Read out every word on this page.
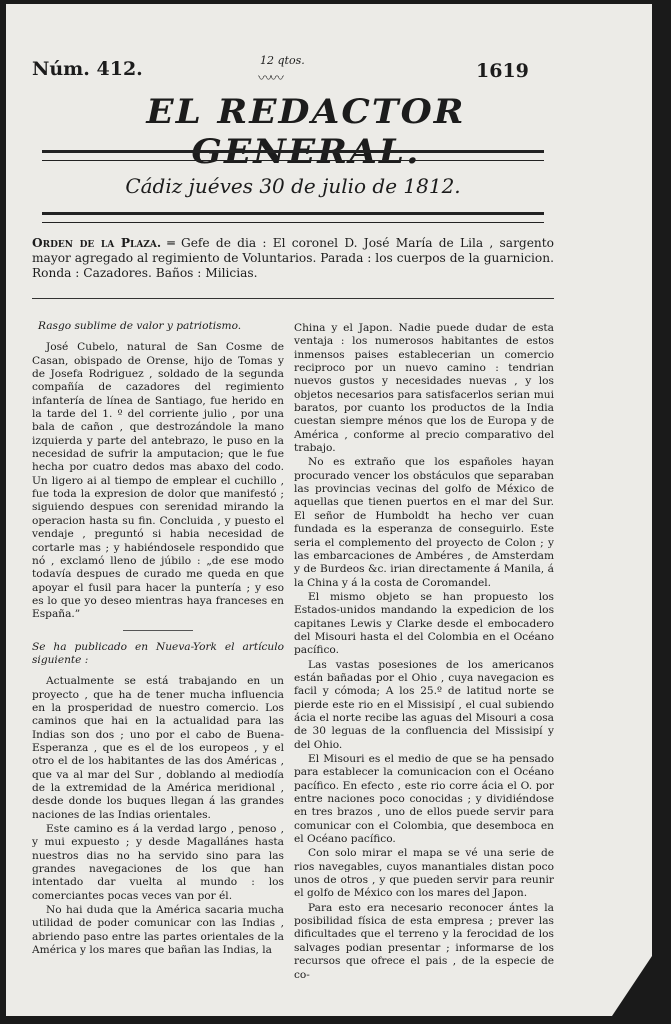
Núm. 412.	12 qtos.
〰〰	1619
EL REDACTOR GENERAL.
Cádiz juéves 30 de julio de 1812.
Orden de la Plaza. ═ Gefe de dia : El coronel D. José María de Lila , sargento mayor agregado al regimiento de Voluntarios. Parada : los cuerpos de la guarnicion. Ronda : Cazadores. Baños : Milicias.

Rasgo sublime de valor y patriotismo.

José Cubelo, natural de San Cosme de Casan, obispado de Orense, hijo de Tomas y de Josefa Rodriguez , soldado de la segunda compañía de cazadores del regimiento infantería de línea de Santiago, fue herido en la tarde del 1. º del corriente julio , por una bala de cañon , que destrozándole la mano izquierda y parte del antebrazo, le puso en la necesidad de sufrir la amputacion; que le fue hecha por cuatro dedos mas abaxo del codo. Un ligero ai al tiempo de emplear el cuchillo , fue toda la expresion de dolor que manifestó ; siguiendo despues con serenidad mirando la operacion hasta su fin. Concluida , y puesto el vendaje , preguntó si habia necesidad de cortarle mas ; y habiéndosele respondido que nó , exclamó lleno de júbilo : „de ese modo todavía despues de curado me queda en que apoyar el fusil para hacer la puntería ; y eso es lo que yo deseo mientras haya franceses en España.”

Se ha publicado en Nueva-York el artículo siguiente :

Actualmente se está trabajando en un proyecto , que ha de tener mucha influencia en la prosperidad de nuestro comercio. Los caminos que hai en la actualidad para las Indias son dos ; uno por el cabo de Buena-Esperanza , que es el de los europeos , y el otro el de los habitantes de las dos Américas , que va al mar del Sur , doblando al mediodía de la extremidad de la América meridional , desde donde los buques llegan á las grandes naciones de las Indias orientales.

Este camino es á la verdad largo , penoso , y mui expuesto ; y desde Magallánes hasta nuestros dias no ha servido sino para las grandes navegaciones de los que han intentado dar vuelta al mundo : los comerciantes pocas veces van por él.

No hai duda que la América sacaria mucha utilidad de poder comunicar con las Indias , abriendo paso entre las partes orientales de la América y los mares que bañan las Indias, la

China y el Japon. Nadie puede dudar de esta ventaja : los numerosos habitantes de estos inmensos paises establecerian un comercio reciproco por un nuevo camino : tendrian nuevos gustos y necesidades nuevas , y los objetos necesarios para satisfacerlos serian mui baratos, por cuanto los productos de la India cuestan siempre ménos que los de Europa y de América , conforme al precio comparativo del trabajo.

No es extraño que los españoles hayan procurado vencer los obstáculos que separaban las provincias vecinas del golfo de México de aquellas que tienen puertos en el mar del Sur. El señor de Humboldt ha hecho ver cuan fundada es la esperanza de conseguirlo. Este seria el complemento del proyecto de Colon ; y las embarcaciones de Ambéres , de Amsterdam y de Burdeos &c. irian directamente á Manila, á la China y á la costa de Coromandel.

El mismo objeto se han propuesto los Estados-unidos mandando la expedicion de los capitanes Lewis y Clarke desde el embocadero del Misouri hasta el del Colombia en el Océano pacífico.

Las vastas posesiones de los americanos están bañadas por el Ohio , cuya navegacion es facil y cómoda; A los 25.º de latitud norte se pierde este rio en el Missisipí , el cual subiendo ácia el norte recibe las aguas del Misouri a cosa de 30 leguas de la confluencia del Missisipí y del Ohio.

El Misouri es el medio de que se ha pensado para establecer la comunicacion con el Océano pacífico. En efecto , este rio corre ácia el O. por entre naciones poco conocidas ; y dividiéndose en tres brazos , uno de ellos puede servir para comunicar con el Colombia, que desemboca en el Océano pacífico.

Con solo mirar el mapa se vé una serie de rios navegables, cuyos manantiales distan poco unos de otros , y que pueden servir para reunir el golfo de México con los mares del Japon.

Para esto era necesario reconocer ántes la posibilidad física de esta empresa ; prever las dificultades que el terreno y la ferocidad de los salvages podian presentar ; informarse de los recursos que ofrece el pais , de la especie de co-
